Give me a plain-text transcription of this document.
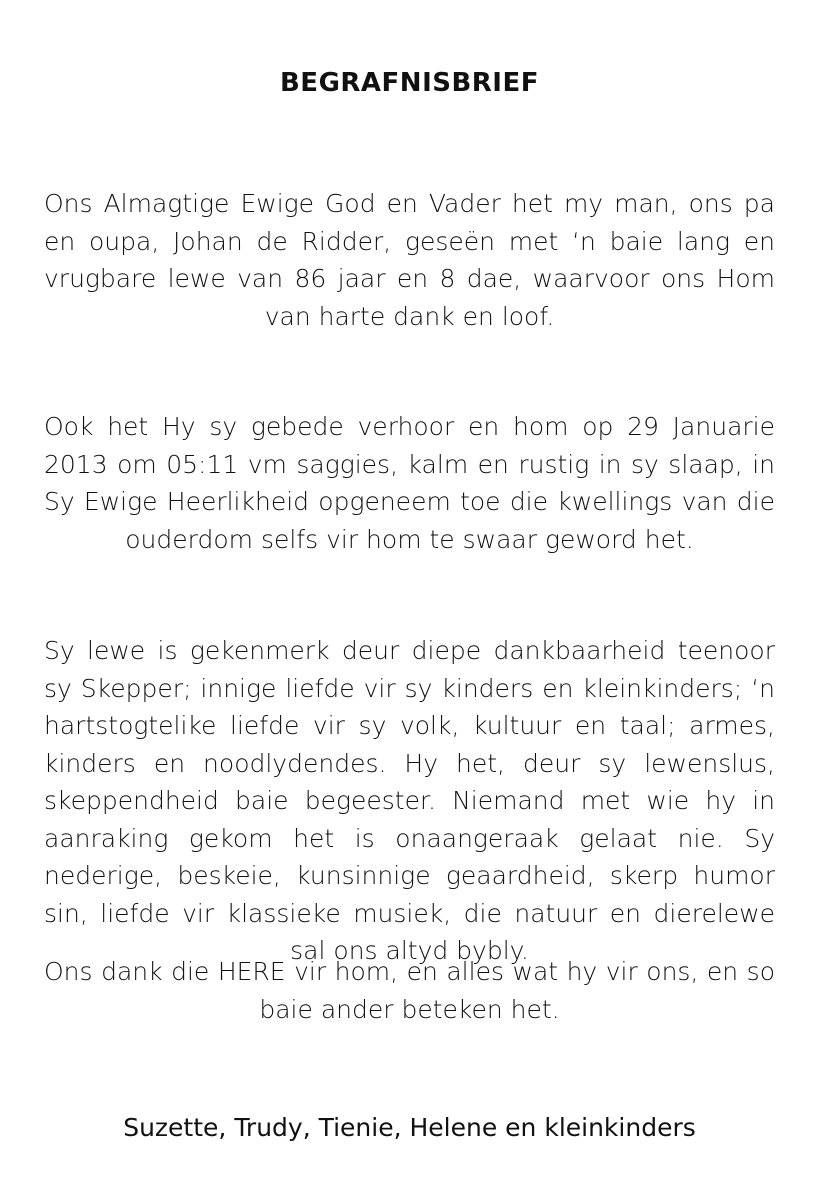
BEGRAFNISBRIEF

Ons Almagtige Ewige God en Vader het my man, ons pa en oupa, Johan de Ridder, geseën met ‘n baie lang en vrugbare lewe van 86 jaar en 8 dae, waarvoor ons Hom van harte dank en loof.

Ook het Hy sy gebede verhoor en hom op 29 Januarie 2013 om 05:11 vm saggies, kalm en rustig in sy slaap, in Sy Ewige Heerlikheid opgeneem toe die kwellings van die ouderdom selfs vir hom te swaar geword het.

Sy lewe is gekenmerk deur diepe dankbaarheid teenoor sy Skepper; innige liefde vir sy kinders en kleinkinders; ‘n hartstogtelike liefde vir sy volk, kultuur en taal; armes, kinders en noodlydendes. Hy het, deur sy lewenslus, skeppendheid baie begeester. Niemand met wie hy in aanraking gekom het is onaangeraak gelaat nie. Sy nederige, beskeie, kunsinnige geaardheid, skerp humor sin, liefde vir klassieke musiek, die natuur en dierelewe sal ons altyd bybly.

Ons dank die HERE vir hom, en alles wat hy vir ons, en so baie ander beteken het.

Suzette, Trudy, Tienie, Helene en kleinkinders
